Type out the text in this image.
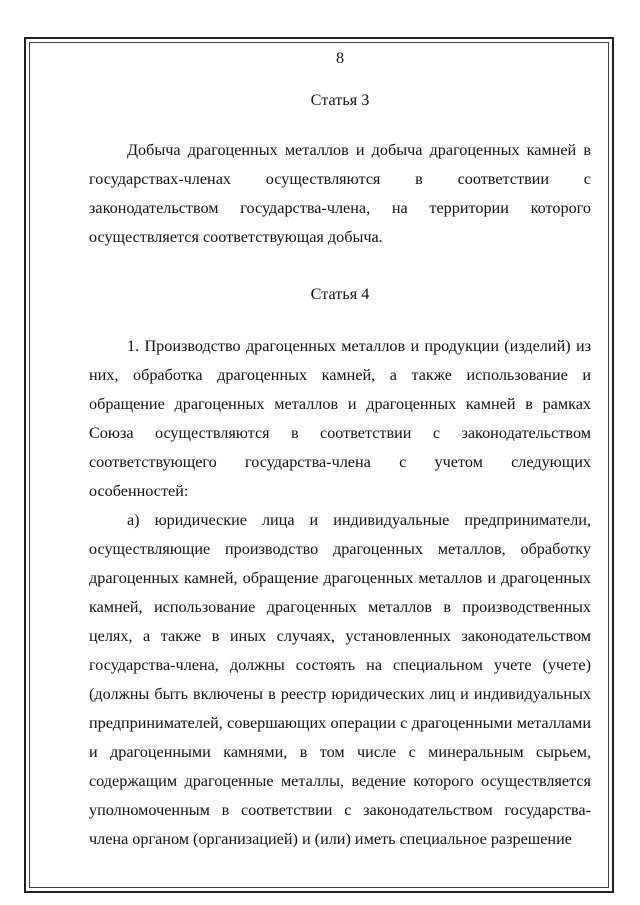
8
Статья 3
Добыча драгоценных металлов и добыча драгоценных камней в государствах-членах осуществляются в соответствии с законодательством государства-члена, на территории которого осуществляется соответствующая добыча.
Статья 4
1. Производство драгоценных металлов и продукции (изделий) из них, обработка драгоценных камней, а также использование и обращение драгоценных металлов и драгоценных камней в рамках Союза осуществляются в соответствии с законодательством соответствующего государства-члена с учетом следующих особенностей:
а) юридические лица и индивидуальные предприниматели, осуществляющие производство драгоценных металлов, обработку драгоценных камней, обращение драгоценных металлов и драгоценных камней, использование драгоценных металлов в производственных целях, а также в иных случаях, установленных законодательством государства-члена, должны состоять на специальном учете (учете) (должны быть включены в реестр юридических лиц и индивидуальных предпринимателей, совершающих операции с драгоценными металлами и драгоценными камнями, в том числе с минеральным сырьем, содержащим драгоценные металлы, ведение которого осуществляется уполномоченным в соответствии с законодательством государства-члена органом (организацией) и (или) иметь специальное разрешение
